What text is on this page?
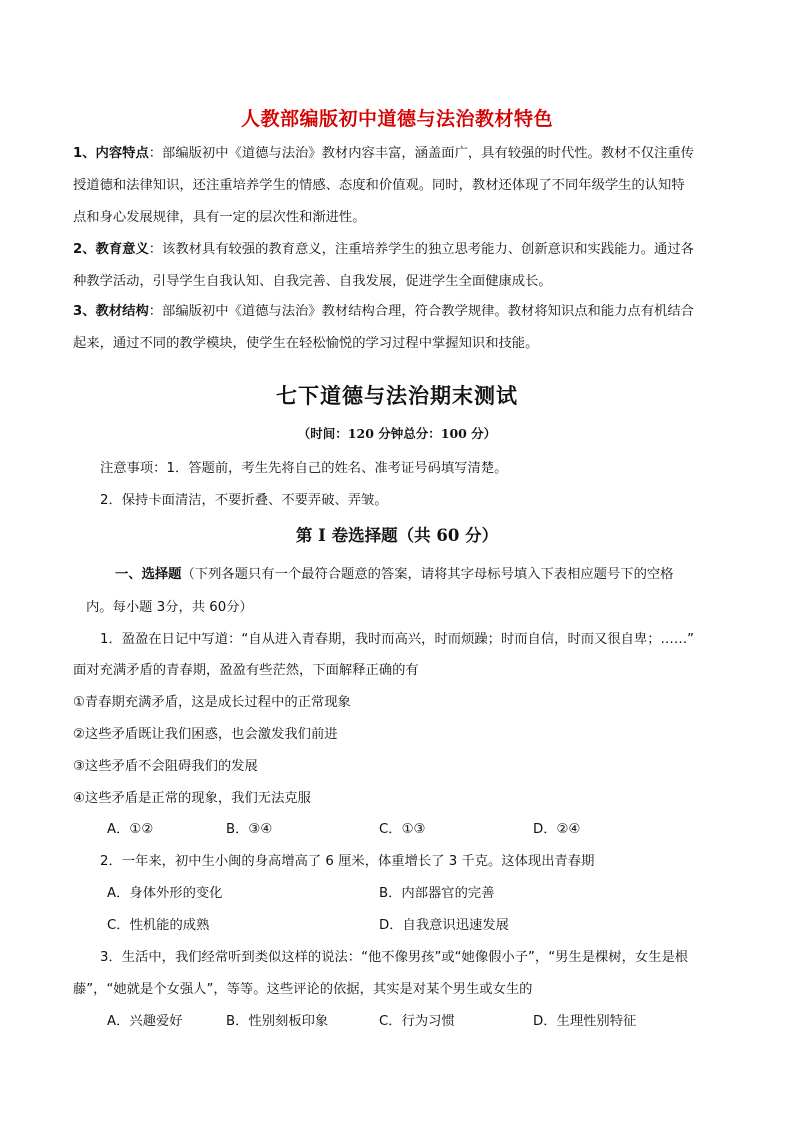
人教部编版初中道德与法治教材特色
1、内容特点：部编版初中《道德与法治》教材内容丰富，涵盖面广，具有较强的时代性。教材不仅注重传
授道德和法律知识，还注重培养学生的情感、态度和价值观。同时，教材还体现了不同年级学生的认知特
点和身心发展规律，具有一定的层次性和渐进性。
2、教育意义：该教材具有较强的教育意义，注重培养学生的独立思考能力、创新意识和实践能力。通过各
种教学活动，引导学生自我认知、自我完善、自我发展，促进学生全面健康成长。
3、教材结构：部编版初中《道德与法治》教材结构合理，符合教学规律。教材将知识点和能力点有机结合
起来，通过不同的教学模块，使学生在轻松愉悦的学习过程中掌握知识和技能。
七下道德与法治期末测试
（时间：120 分钟总分：100 分）
注意事项：1．答题前，考生先将自己的姓名、准考证号码填写清楚。
2．保持卡面清洁，不要折叠、不要弄破、弄皱。
第 I 卷选择题（共 60 分）
一、选择题（下列各题只有一个最符合题意的答案，请将其字母标号填入下表相应题号下的空格
内。每小题 3分，共 60分）
1．盈盈在日记中写道：“自从进入青春期，我时而高兴，时而烦躁；时而自信，时而又很自卑；……”
面对充满矛盾的青春期，盈盈有些茫然，下面解释正确的有
①青春期充满矛盾，这是成长过程中的正常现象
②这些矛盾既让我们困惑，也会激发我们前进
③这些矛盾不会阻碍我们的发展
④这些矛盾是正常的现象，我们无法克服
A．①②	B．③④	C．①③	D．②④
2．一年来，初中生小闽的身高增高了 6 厘米，体重增长了 3 千克。这体现出青春期
A．身体外形的变化	B．内部器官的完善
C．性机能的成熟	D．自我意识迅速发展
3．生活中，我们经常听到类似这样的说法：“他不像男孩”或“她像假小子”，“男生是棵树，女生是根
藤”，“她就是个女强人”，等等。这些评论的依据，其实是对某个男生或女生的
A．兴趣爱好	B．性别刻板印象	C．行为习惯	D．生理性别特征
